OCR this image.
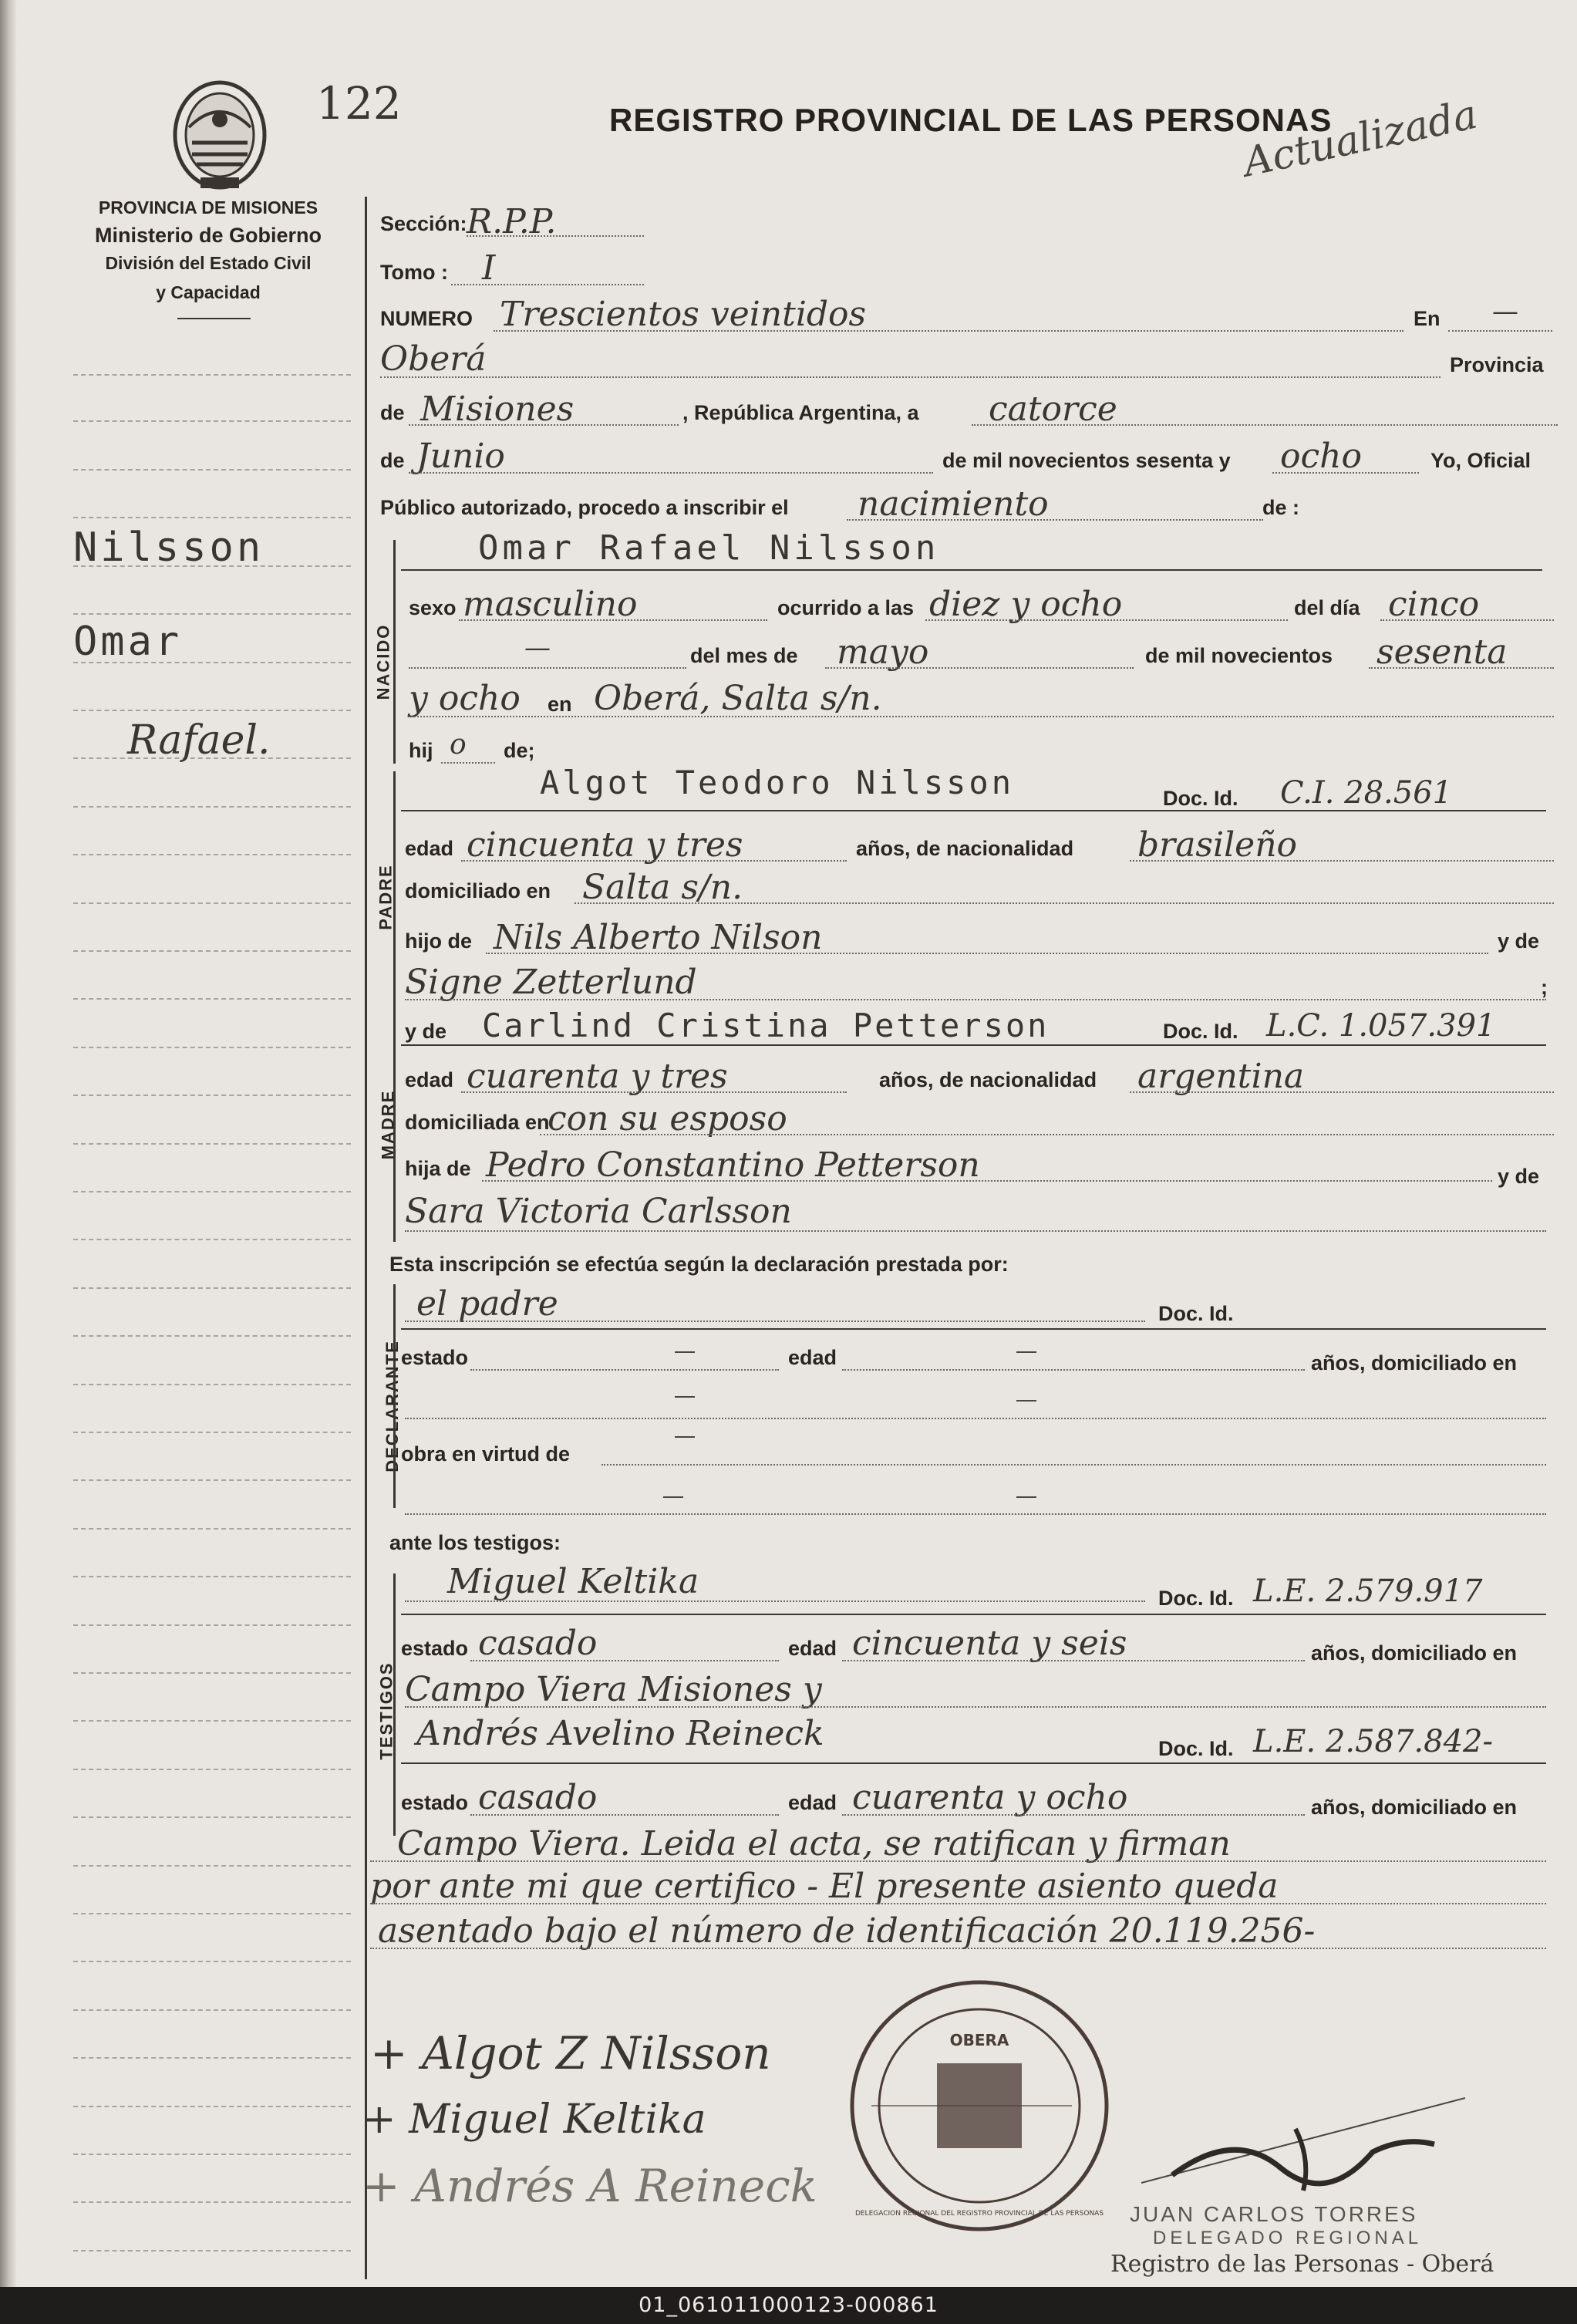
122	REGISTRO PROVINCIAL DE LAS PERSONAS
Actualizada
PROVINCIA DE MISIONES
Ministerio de Gobierno
División del Estado Civil
y Capacidad
Nilsson
Omar
Rafael.
Sección: R.P.P.
Tomo : I
NUMERO Trescientos veintidos	En —
Oberá	Provincia
de Misiones	, República Argentina, a catorce
de Junio	de mil novecientos sesenta y ocho	Yo, Oficial
Público autorizado, procedo a inscribir el nacimiento	de :
NACIDO
Omar Rafael Nilsson
sexo masculino	ocurrido a las diez y ocho	del día cinco
—	del mes de mayo	de mil novecientos sesenta
y ocho en Oberá, Salta s/n.
hij o de;
PADRE
Algot Teodoro Nilsson	Doc. Id. C.I. 28.561
edad cincuenta y tres	años, de nacionalidad brasileño
domiciliado en Salta s/n.
hijo de Nils Alberto Nilson	y de
Signe Zetterlund	;
MADRE
y de Carlind Cristina Petterson	Doc. Id. L.C. 1.057.391
edad cuarenta y tres	años, de nacionalidad argentina
domiciliada en
con su esposo
hija de Pedro Constantino Petterson	y de
Sara Victoria Carlsson
Esta inscripción se efectúa según la declaración prestada por:
DECLARANTE
el padre	Doc. Id.
estado	edad	años, domiciliado en
obra en virtud de
ante los testigos:
TESTIGOS
Miguel Keltika	Doc. Id. L.E. 2.579.917
estado casado	edad cincuenta y seis	años, domiciliado en
Campo Viera Misiones y
Andrés Avelino Reineck	Doc. Id. L.E. 2.587.842-
estado casado	edad cuarenta y ocho	años, domiciliado en
Campo Viera. Leida el acta, se ratifican y firman
por ante mi que certifico - El presente asiento queda
asentado bajo el número de identificación 20.119.256-
+ Algot Z Nilsson
+ Miguel Keltika
+ Andrés A Reineck
OBERA
DELEGACION REGIONAL DEL REGISTRO PROVINCIAL DE LAS PERSONAS JUAN CARLOS TORRES
DELEGADO REGIONAL
Registro de las Personas - Oberá
01_061011000123-000861
